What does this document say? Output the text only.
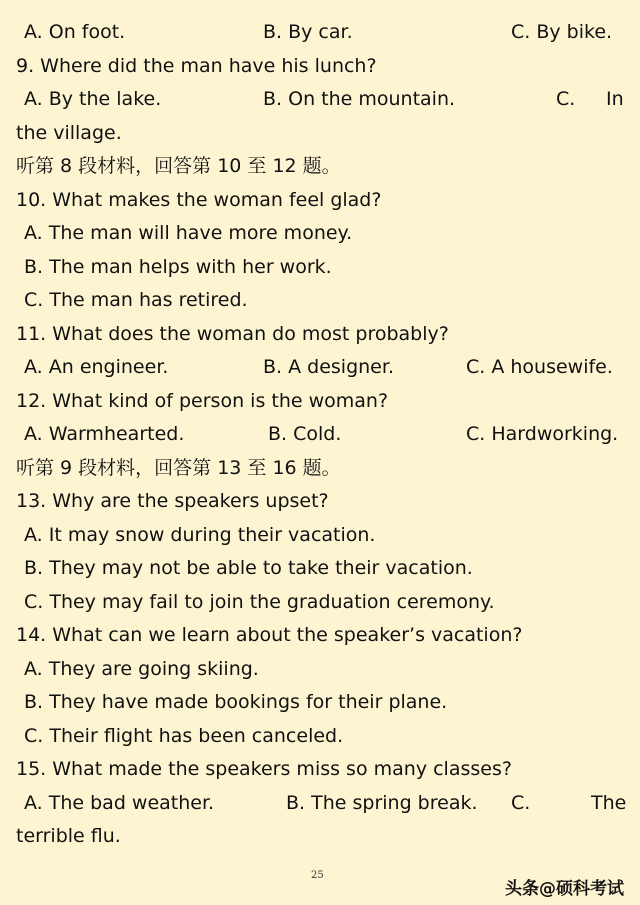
A. On foot.	B. By car.	C. By bike.
9. Where did the man have his lunch?
A. By the lake.	B. On the mountain.	C. In
the village.
听第 8 段材料，回答第 10 至 12 题。
10. What makes the woman feel glad?
A. The man will have more money.
B. The man helps with her work.
C. The man has retired.
11. What does the woman do most probably?
A. An engineer.	B. A designer.	C. A housewife.
12. What kind of person is the woman?
A. Warmhearted.	B. Cold.	C. Hardworking.
听第 9 段材料，回答第 13 至 16 题。
13. Why are the speakers upset?
A. It may snow during their vacation.
B. They may not be able to take their vacation.
C. They may fail to join the graduation ceremony.
14. What can we learn about the speaker’s vacation?
A. They are going skiing.
B. They have made bookings for their plane.
C. Their flight has been canceled.
15. What made the speakers miss so many classes?
A. The bad weather.	B. The spring break. C.	The
terrible flu.
25
头条@硕科考试
